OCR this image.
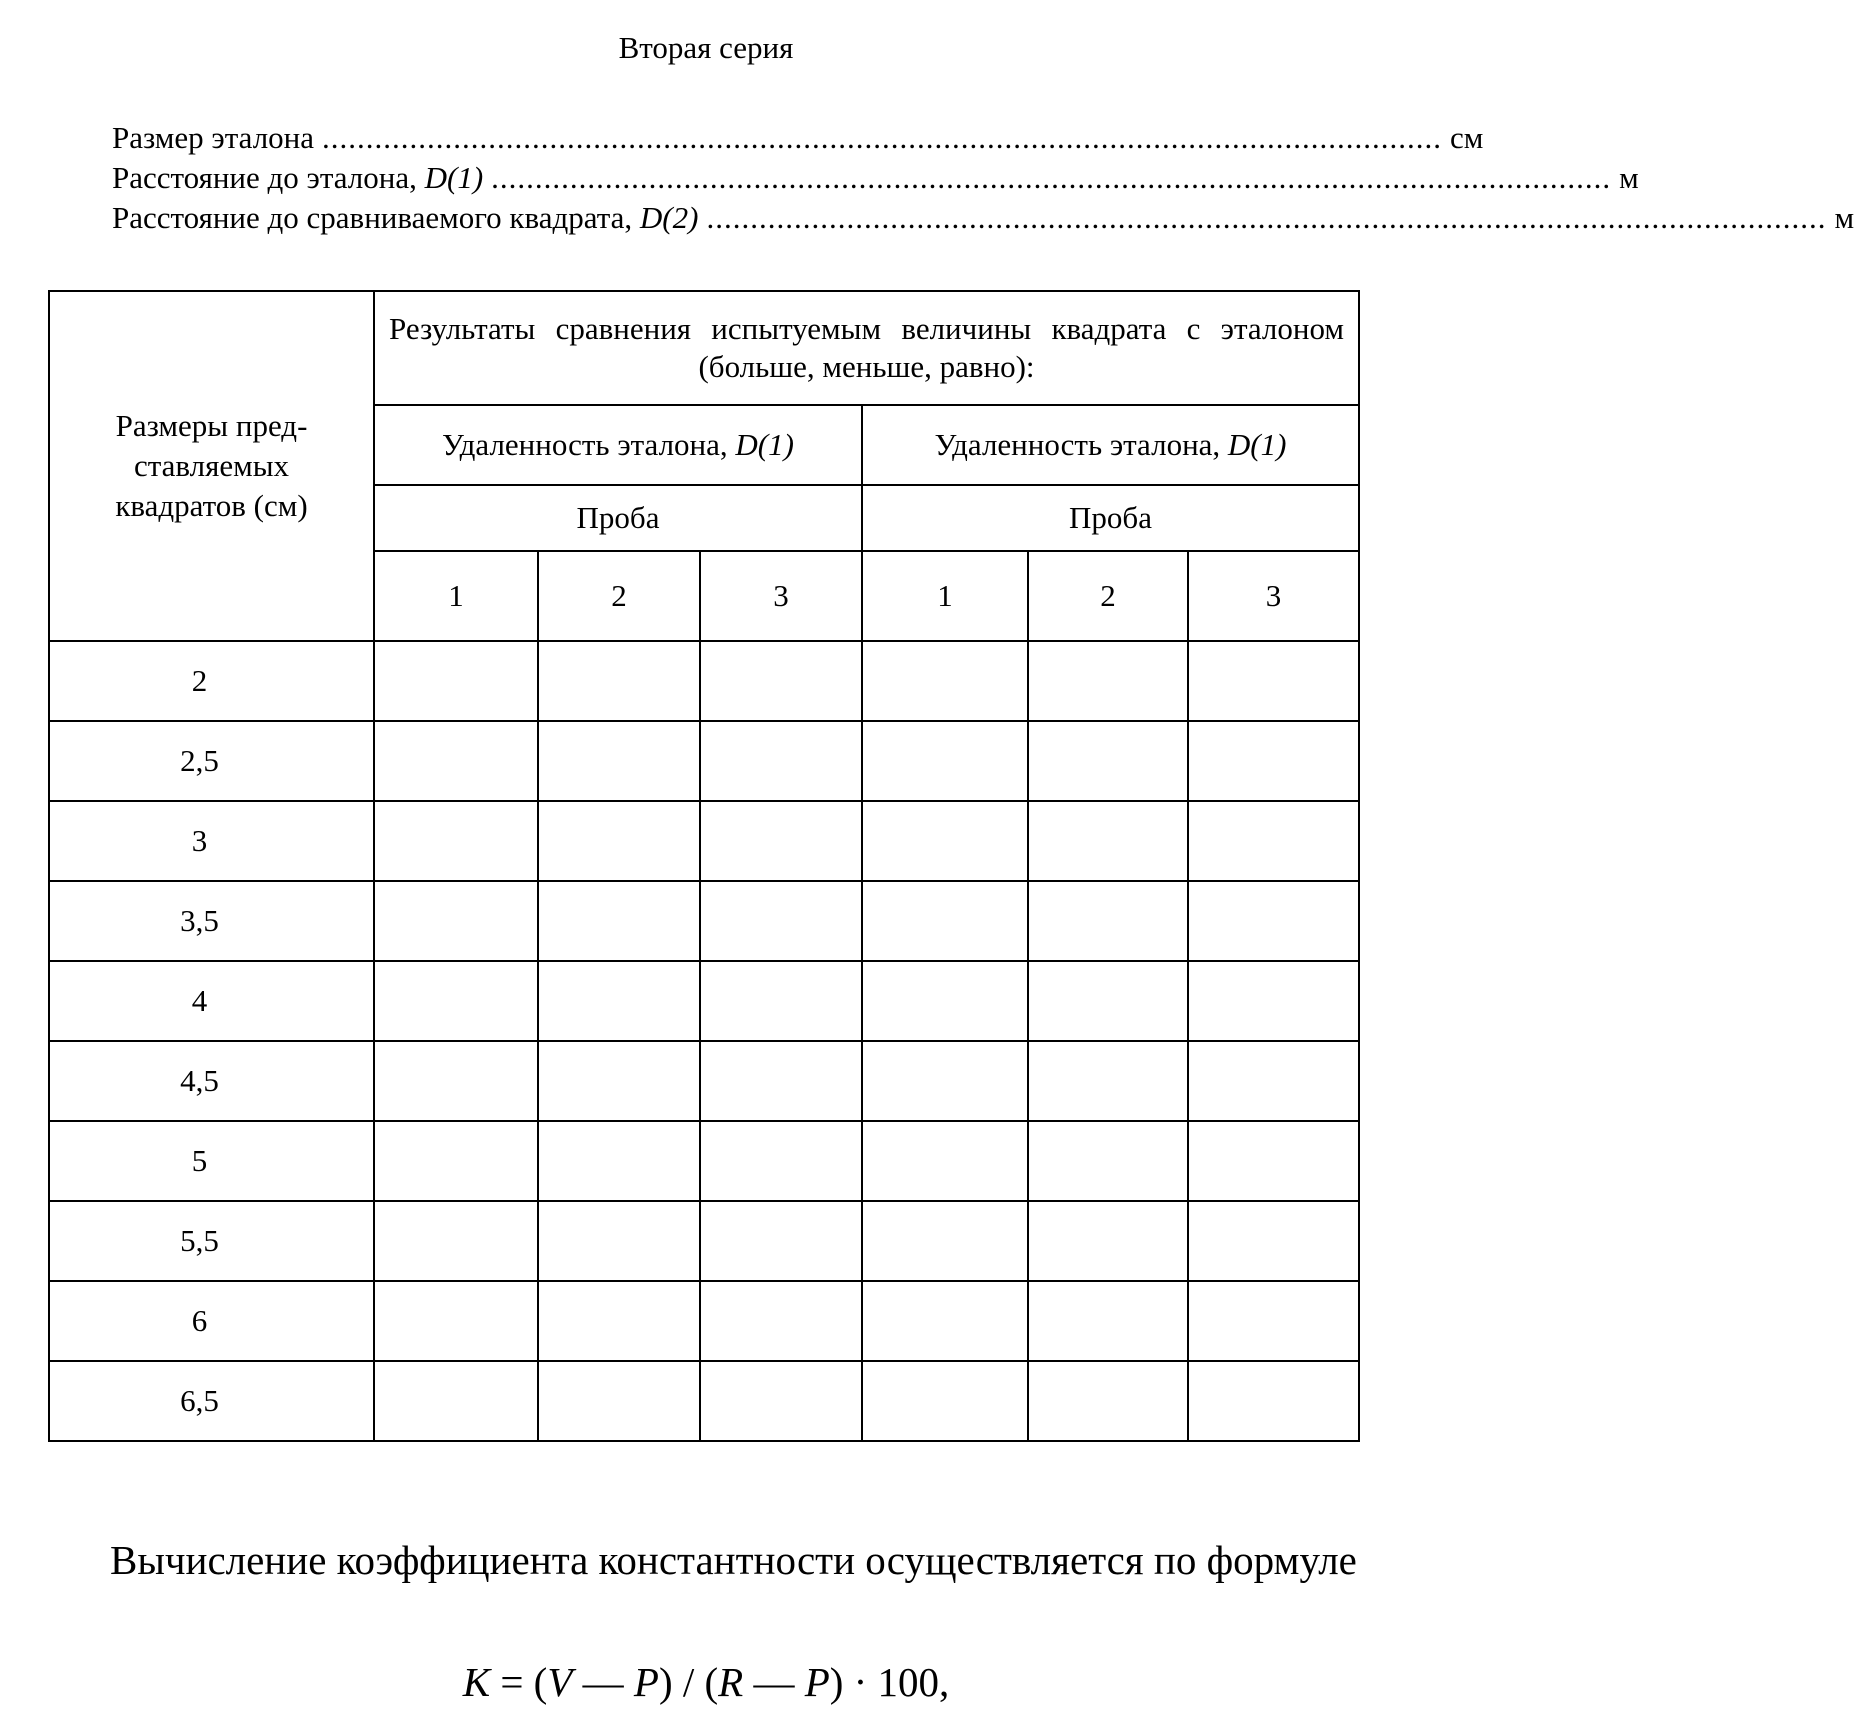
Вторая серия
Размер эталона ................................................................................................................................ см
Расстояние до эталона, D(1) ................................................................................................................................ м
Расстояние до сравниваемого квадрата, D(2) ................................................................................................................................ м
Размеры пред- ставляемых квадратов (см)	Результаты сравнения испытуемым величины квадрата с эталоном (больше, меньше, равно):					
	Удаленность эталона, D(1)			Удаленность эталона, D(1)		
	Проба			Проба		
	1	2	3	1	2	3
2						
2,5						
3						
3,5						
4						
4,5						
5						
5,5						
6						
6,5						
Вычисление коэффициента константности осуществляется по формуле
K = (V — P) / (R — P) · 100,
